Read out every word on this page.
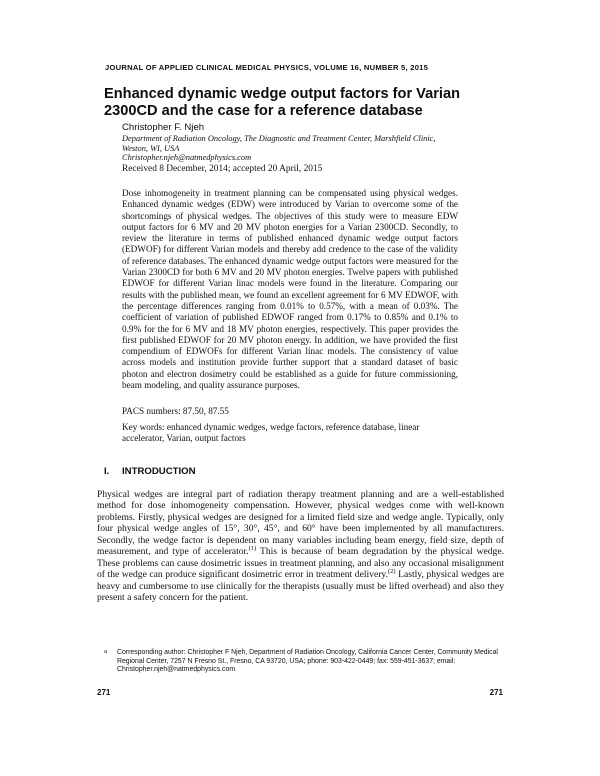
JOURNAL OF APPLIED CLINICAL MEDICAL PHYSICS, VOLUME 16, NUMBER 5, 2015
Enhanced dynamic wedge output factors for Varian 2300CD and the case for a reference database
Christopher F. Njeh
Department of Radiation Oncology, The Diagnostic and Treatment Center, Marshfield Clinic, Weston, WI, USA
Christopher.njeh@natmedphysics.com
Received 8 December, 2014; accepted 20 April, 2015
Dose inhomogeneity in treatment planning can be compensated using physical wedges. Enhanced dynamic wedges (EDW) were introduced by Varian to overcome some of the shortcomings of physical wedges. The objectives of this study were to measure EDW output factors for 6 MV and 20 MV photon energies for a Varian 2300CD. Secondly, to review the literature in terms of published enhanced dynamic wedge output factors (EDWOF) for different Varian models and thereby add credence to the case of the validity of reference databases. The enhanced dynamic wedge output factors were measured for the Varian 2300CD for both 6 MV and 20 MV photon energies. Twelve papers with published EDWOF for different Varian linac models were found in the literature. Comparing our results with the published mean, we found an excellent agreement for 6 MV EDWOF, with the percentage differences ranging from 0.01% to 0.57%, with a mean of 0.03%. The coefficient of variation of published EDWOF ranged from 0.17% to 0.85% and 0.1% to 0.9% for the for 6 MV and 18 MV photon energies, respectively. This paper provides the first published EDWOF for 20 MV photon energy. In addition, we have provided the first compendium of EDWOFs for different Varian linac models. The consistency of value across models and institution provide further support that a standard dataset of basic photon and electron dosimetry could be established as a guide for future commissioning, beam modeling, and quality assurance purposes.
PACS numbers: 87.50, 87.55
Key words: enhanced dynamic wedges, wedge factors, reference database, linear accelerator, Varian, output factors
I. INTRODUCTION
Physical wedges are integral part of radiation therapy treatment planning and are a well-established method for dose inhomogeneity compensation. However, physical wedges come with well-known problems. Firstly, physical wedges are designed for a limited field size and wedge angle. Typically, only four physical wedge angles of 15°, 30°, 45°, and 60° have been implemented by all manufacturers. Secondly, the wedge factor is dependent on many variables including beam energy, field size, depth of measurement, and type of accelerator.$^{(1)}$ This is because of beam degradation by the physical wedge. These problems can cause dosimetric issues in treatment planning, and also any occasional misalignment of the wedge can produce significant dosimetric error in treatment delivery.$^{(2)}$ Lastly, physical wedges are heavy and cumbersome to use clinically for the therapists (usually must be lifted overhead) and also they present a safety concern for the patient.
a Corresponding author: Christopher F Njeh, Department of Radiation Oncology, California Cancer Center, Community Medical Regional Center, 7257 N Fresno St., Fresno, CA 93720, USA; phone: 903-422-0449; fax: 559-451-3637; email: Christopher.njeh@natmedphysics.com
271	271
